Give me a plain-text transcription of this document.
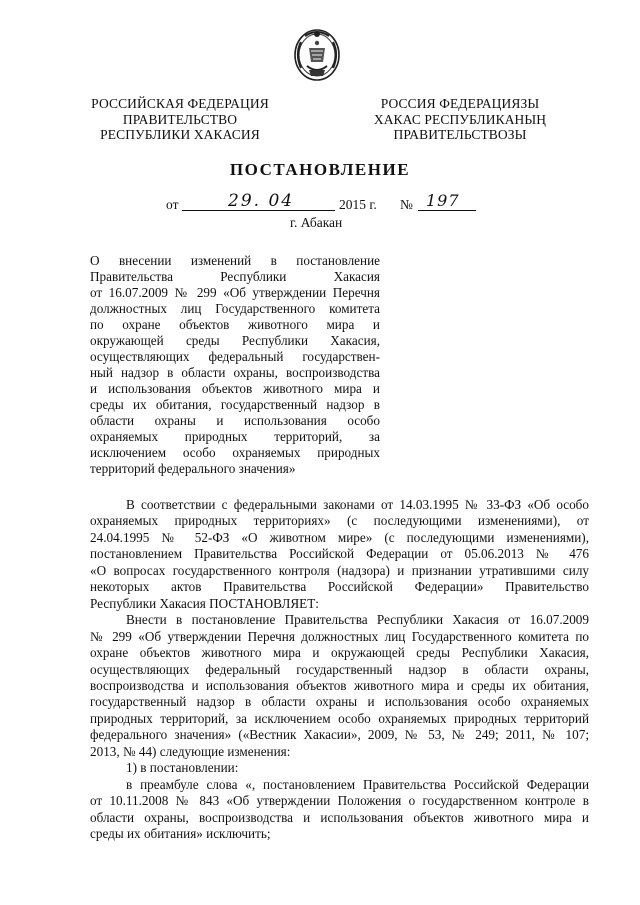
РОССИЙСКАЯ ФЕДЕРАЦИЯ
ПРАВИТЕЛЬСТВО
РЕСПУБЛИКИ ХАКАСИЯ
РОССИЯ ФЕДЕРАЦИЯЗЫ
ХАКАС РЕСПУБЛИКАНЫҢ
ПРАВИТЕЛЬСТВОЗЫ
ПОСТАНОВЛЕНИЕ
от	29. 04	2015 г. № 197
г. Абакан
О внесении изменений в постановление
Правительства Республики Хакасия
от 16.07.2009 № 299 «Об утверждении Перечня
должностных лиц Государственного комитета
по охране объектов животного мира и
окружающей среды Республики Хакасия,
осуществляющих федеральный государствен-
ный надзор в области охраны, воспроизводства
и использования объектов животного мира и
среды их обитания, государственный надзор в
области охраны и использования особо
охраняемых природных территорий, за
исключением особо охраняемых природных
территорий федерального значения»
В соответствии с федеральными законами от 14.03.1995 № 33-ФЗ «Об особо
охраняемых природных территориях» (с последующими изменениями), от
24.04.1995 № 52-ФЗ «О животном мире» (с последующими изменениями),
постановлением Правительства Российской Федерации от 05.06.2013 № 476
«О вопросах государственного контроля (надзора) и признании утратившими силу
некоторых актов Правительства Российской Федерации» Правительство
Республики Хакасия ПОСТАНОВЛЯЕТ:
Внести в постановление Правительства Республики Хакасия от 16.07.2009
№ 299 «Об утверждении Перечня должностных лиц Государственного комитета по
охране объектов животного мира и окружающей среды Республики Хакасия,
осуществляющих федеральный государственный надзор в области охраны,
воспроизводства и использования объектов животного мира и среды их обитания,
государственный надзор в области охраны и использования особо охраняемых
природных территорий, за исключением особо охраняемых природных территорий
федерального значения» («Вестник Хакасии», 2009, № 53, № 249; 2011, № 107;
2013, № 44) следующие изменения:
1) в постановлении:
в преамбуле слова «, постановлением Правительства Российской Федерации
от 10.11.2008 № 843 «Об утверждении Положения о государственном контроле в
области охраны, воспроизводства и использования объектов животного мира и
среды их обитания» исключить;
